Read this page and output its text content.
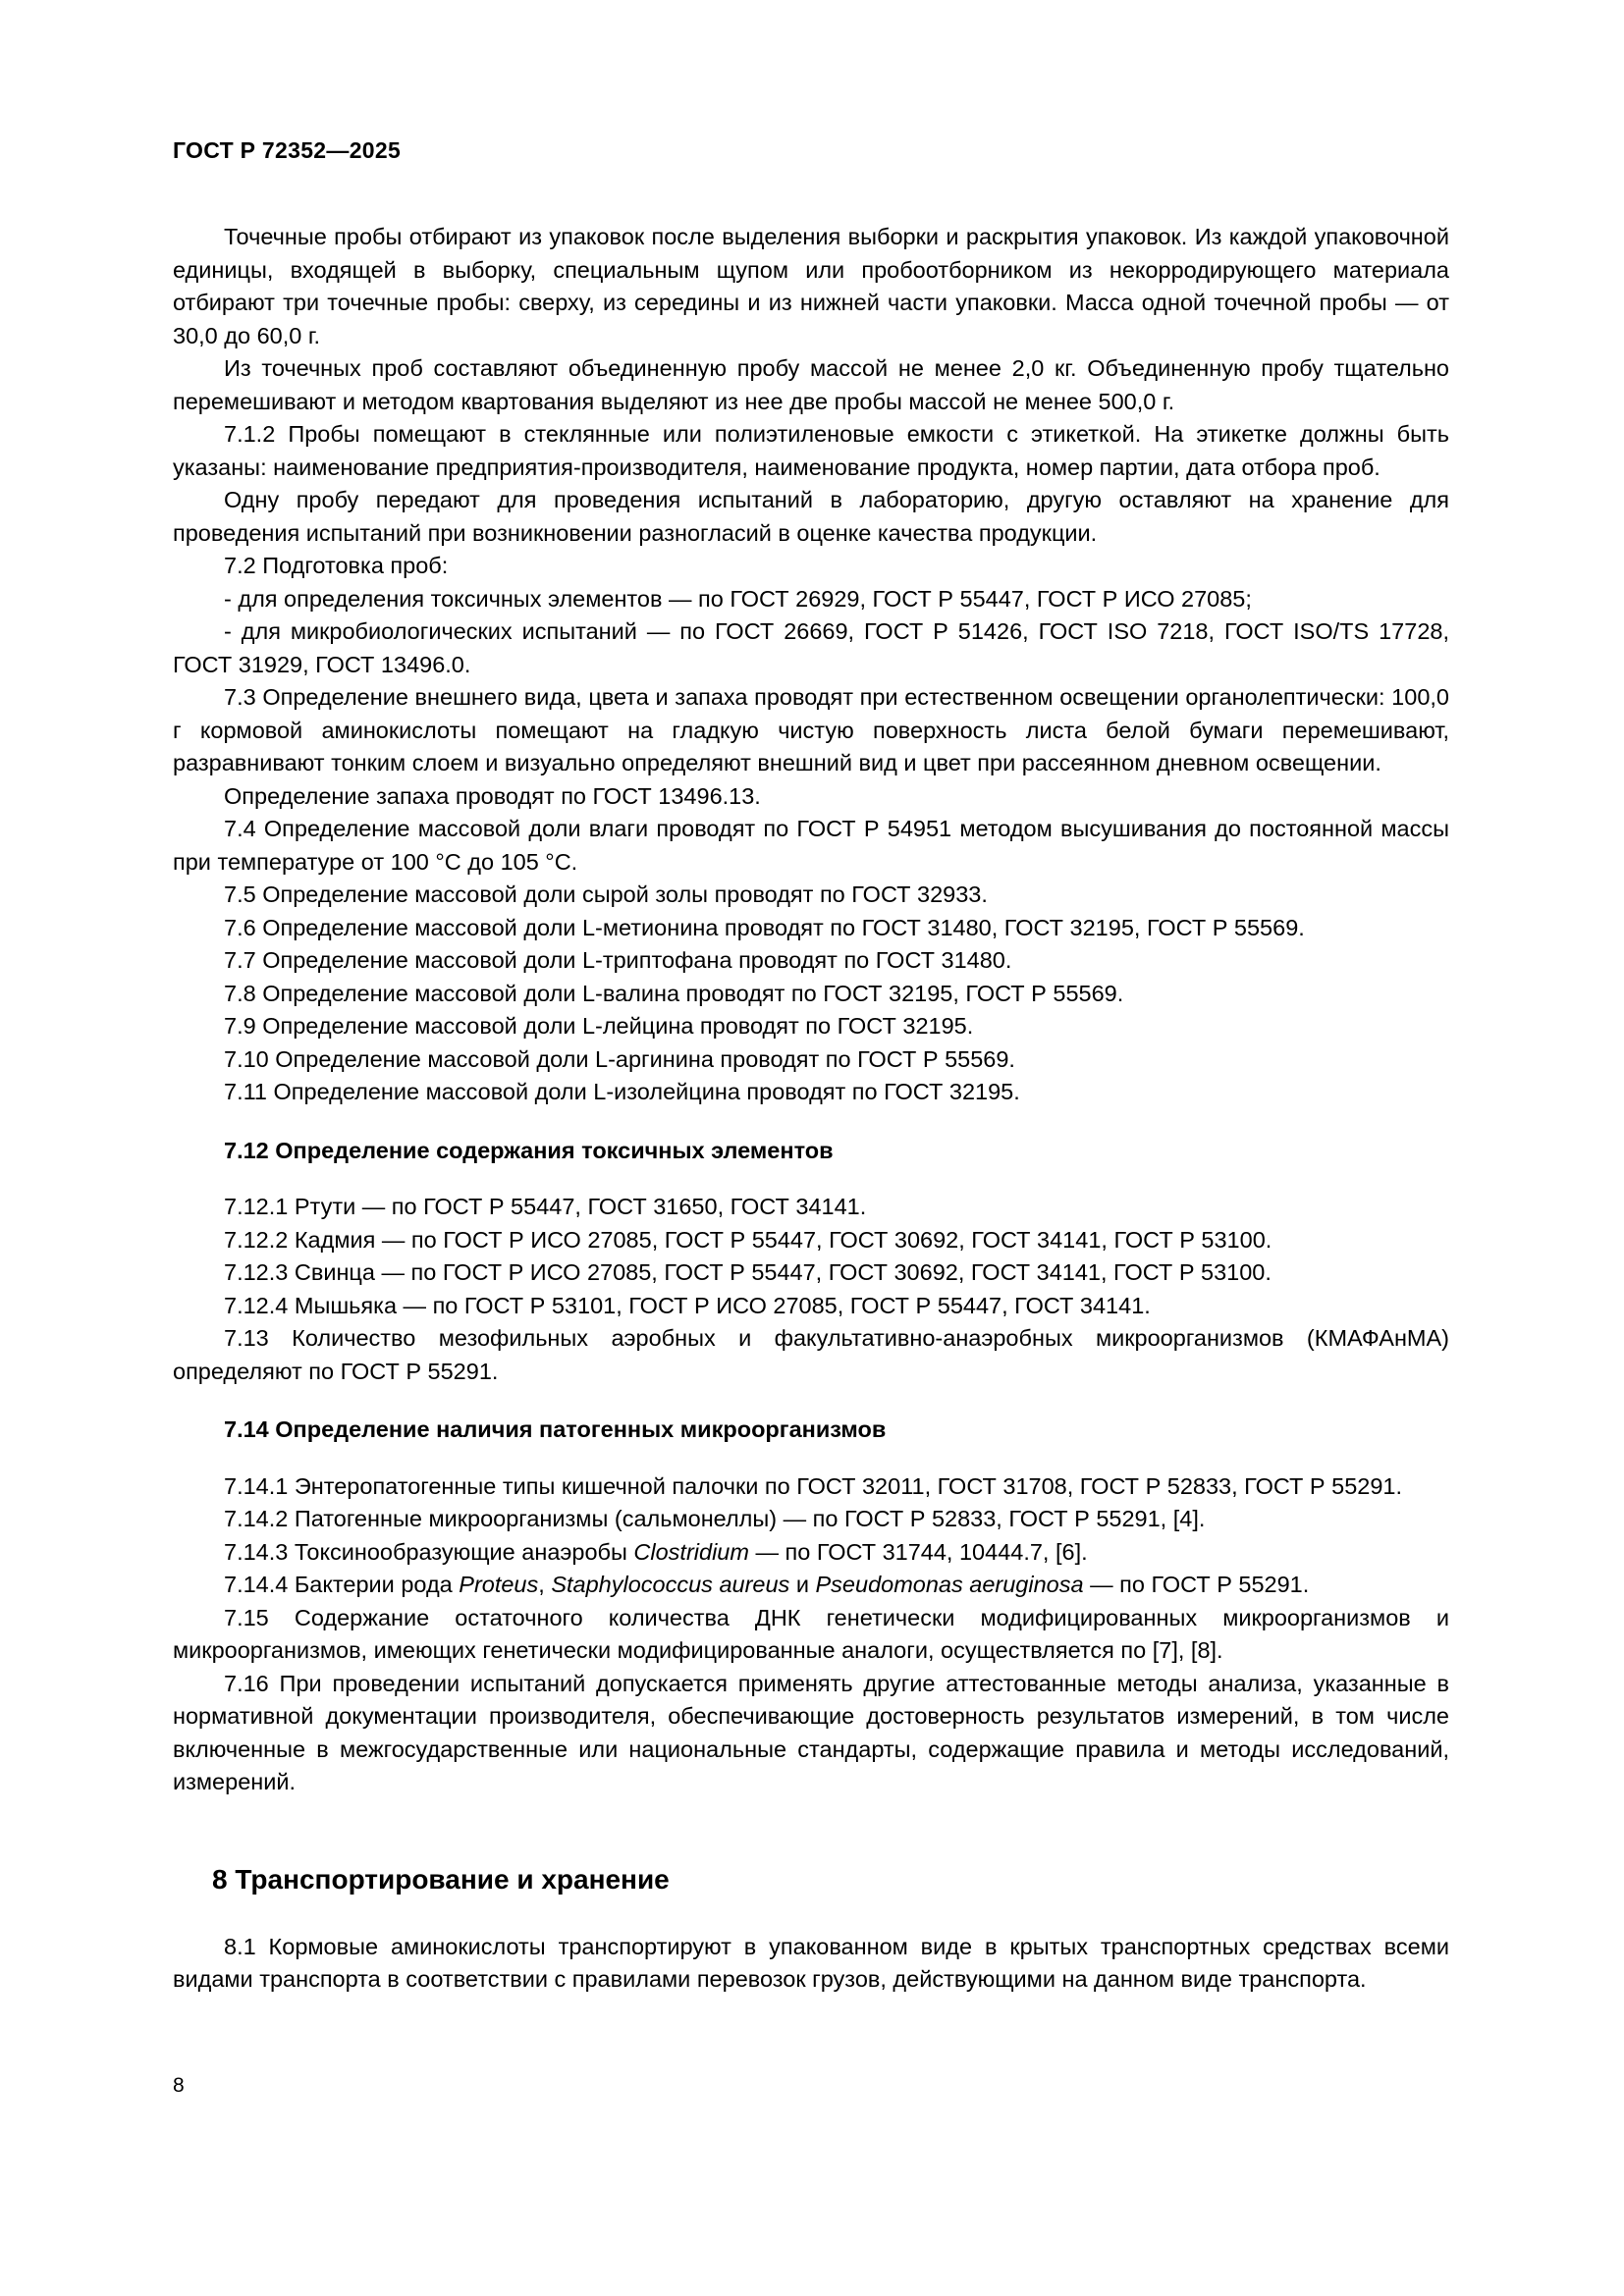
ГОСТ Р 72352—2025

Точечные пробы отбирают из упаковок после выделения выборки и раскрытия упаковок. Из каждой упаковочной единицы, входящей в выборку, специальным щупом или пробоотборником из некорродирующего материала отбирают три точечные пробы: сверху, из середины и из нижней части упаковки. Масса одной точечной пробы — от 30,0 до 60,0 г.

Из точечных проб составляют объединенную пробу массой не менее 2,0 кг. Объединенную пробу тщательно перемешивают и методом квартования выделяют из нее две пробы массой не менее 500,0 г.

7.1.2 Пробы помещают в стеклянные или полиэтиленовые емкости с этикеткой. На этикетке должны быть указаны: наименование предприятия-производителя, наименование продукта, номер партии, дата отбора проб.

Одну пробу передают для проведения испытаний в лабораторию, другую оставляют на хранение для проведения испытаний при возникновении разногласий в оценке качества продукции.

7.2 Подготовка проб:

- для определения токсичных элементов — по ГОСТ 26929, ГОСТ Р 55447, ГОСТ Р ИСО 27085;

- для микробиологических испытаний — по ГОСТ 26669, ГОСТ Р 51426, ГОСТ ISO 7218, ГОСТ ISO/TS 17728, ГОСТ 31929, ГОСТ 13496.0.

7.3 Определение внешнего вида, цвета и запаха проводят при естественном освещении органолептически: 100,0 г кормовой аминокислоты помещают на гладкую чистую поверхность листа белой бумаги перемешивают, разравнивают тонким слоем и визуально определяют внешний вид и цвет при рассеянном дневном освещении.

Определение запаха проводят по ГОСТ 13496.13.

7.4 Определение массовой доли влаги проводят по ГОСТ Р 54951 методом высушивания до постоянной массы при температуре от 100 °С до 105 °С.

7.5 Определение массовой доли сырой золы проводят по ГОСТ 32933.

7.6 Определение массовой доли L-метионина проводят по ГОСТ 31480, ГОСТ 32195, ГОСТ Р 55569.

7.7 Определение массовой доли L-триптофана проводят по ГОСТ 31480.

7.8 Определение массовой доли L-валина проводят по ГОСТ 32195, ГОСТ Р 55569.

7.9 Определение массовой доли L-лейцина проводят по ГОСТ 32195.

7.10 Определение массовой доли L-аргинина проводят по ГОСТ Р 55569.

7.11 Определение массовой доли L-изолейцина проводят по ГОСТ 32195.

7.12 Определение содержания токсичных элементов

7.12.1 Ртути — по ГОСТ Р 55447, ГОСТ 31650, ГОСТ 34141.

7.12.2 Кадмия — по ГОСТ Р ИСО 27085, ГОСТ Р 55447, ГОСТ 30692, ГОСТ 34141, ГОСТ Р 53100.

7.12.3 Свинца — по ГОСТ Р ИСО 27085, ГОСТ Р 55447, ГОСТ 30692, ГОСТ 34141, ГОСТ Р 53100.

7.12.4 Мышьяка — по ГОСТ Р 53101, ГОСТ Р ИСО 27085, ГОСТ Р 55447, ГОСТ 34141.

7.13 Количество мезофильных аэробных и факультативно-анаэробных микроорганизмов (КМАФАнМА) определяют по ГОСТ Р 55291.

7.14 Определение наличия патогенных микроорганизмов

7.14.1 Энтеропатогенные типы кишечной палочки по ГОСТ 32011, ГОСТ 31708, ГОСТ Р 52833, ГОСТ Р 55291.

7.14.2 Патогенные микроорганизмы (сальмонеллы) — по ГОСТ Р 52833, ГОСТ Р 55291, [4].

7.14.3 Токсинообразующие анаэробы Clostridium — по ГОСТ 31744, 10444.7, [6].

7.14.4 Бактерии рода Proteus, Staphylococcus aureus и Pseudomonas aeruginosa — по ГОСТ Р 55291.

7.15 Содержание остаточного количества ДНК генетически модифицированных микроорганизмов и микроорганизмов, имеющих генетически модифицированные аналоги, осуществляется по [7], [8].

7.16 При проведении испытаний допускается применять другие аттестованные методы анализа, указанные в нормативной документации производителя, обеспечивающие достоверность результатов измерений, в том числе включенные в межгосударственные или национальные стандарты, содержащие правила и методы исследований, измерений.

8 Транспортирование и хранение

8.1 Кормовые аминокислоты транспортируют в упакованном виде в крытых транспортных средствах всеми видами транспорта в соответствии с правилами перевозок грузов, действующими на данном виде транспорта.

8
